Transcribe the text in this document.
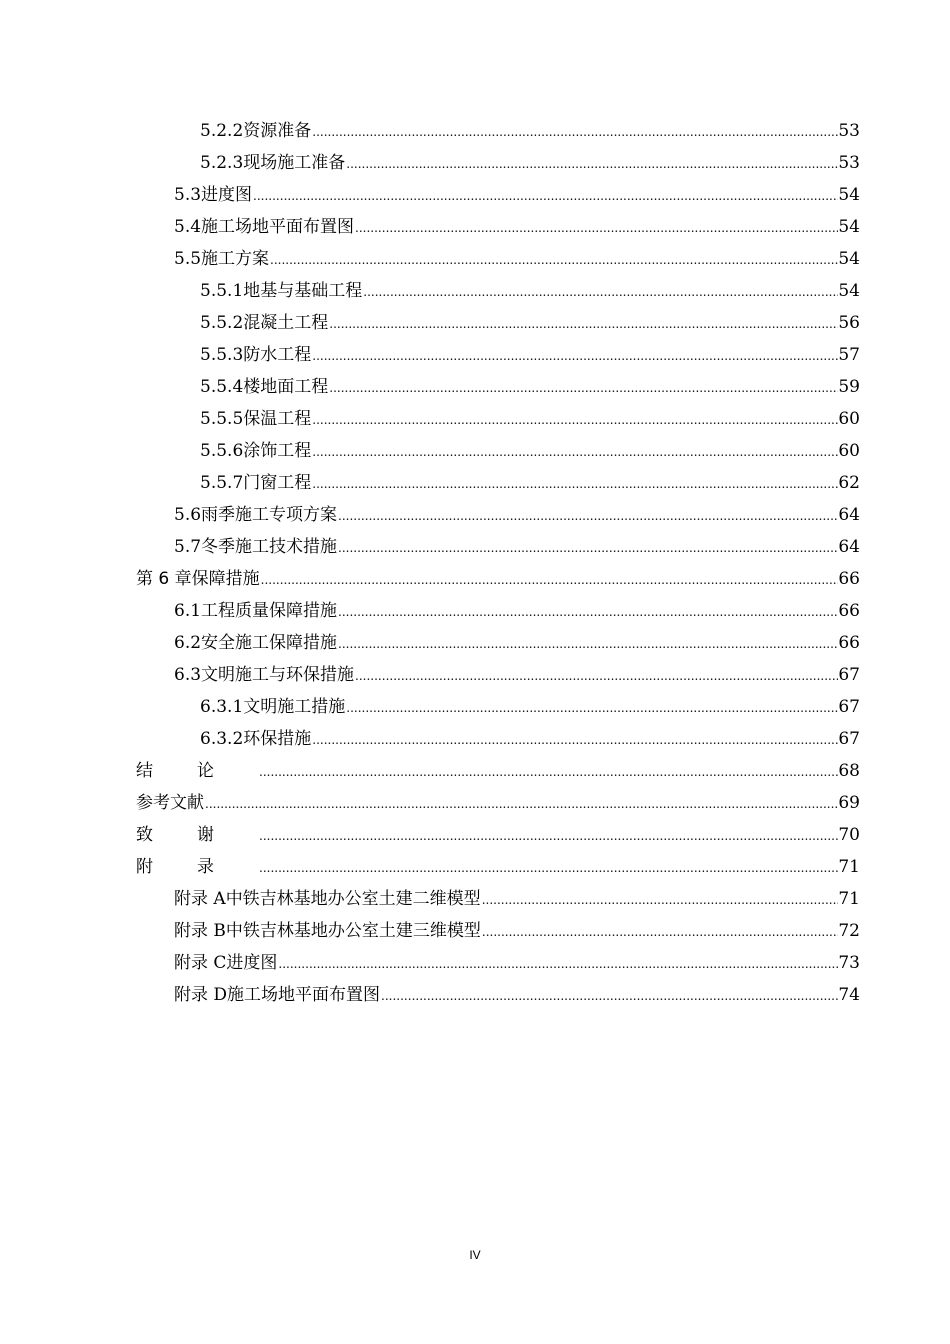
5.2.2 资源准备 .....	53
5.2.3 现场施工准备 .....	53
5.3 进度图 .....	54
5.4 施工场地平面布置图 .....	54
5.5 施工方案 .....	54
5.5.1 地基与基础工程 .....	54
5.5.2 混凝土工程 .....	56
5.5.3 防水工程 .....	57
5.5.4 楼地面工程 .....	59
5.5.5 保温工程 .....	60
5.5.6 涂饰工程 .....	60
5.5.7 门窗工程 .....	62
5.6 雨季施工专项方案 .....	64
5.7 冬季施工技术措施 .....	64
第 6 章 保障措施 .....	66
6.1 工程质量保障措施 .....	66
6.2 安全施工保障措施 .....	66
6.3 文明施工与环保措施 .....	67
6.3.1 文明施工措施 .....	67
6.3.2 环保措施 .....	67
结论 .....	68
参考文献 .....	69
致谢 .....	70
附录 .....	71
附录 A 中铁吉林基地办公室土建二维模型 .....	71
附录 B 中铁吉林基地办公室土建三维模型 .....	72
附录 C 进度图 .....	73
附录 D 施工场地平面布置图 .....	74
IV
